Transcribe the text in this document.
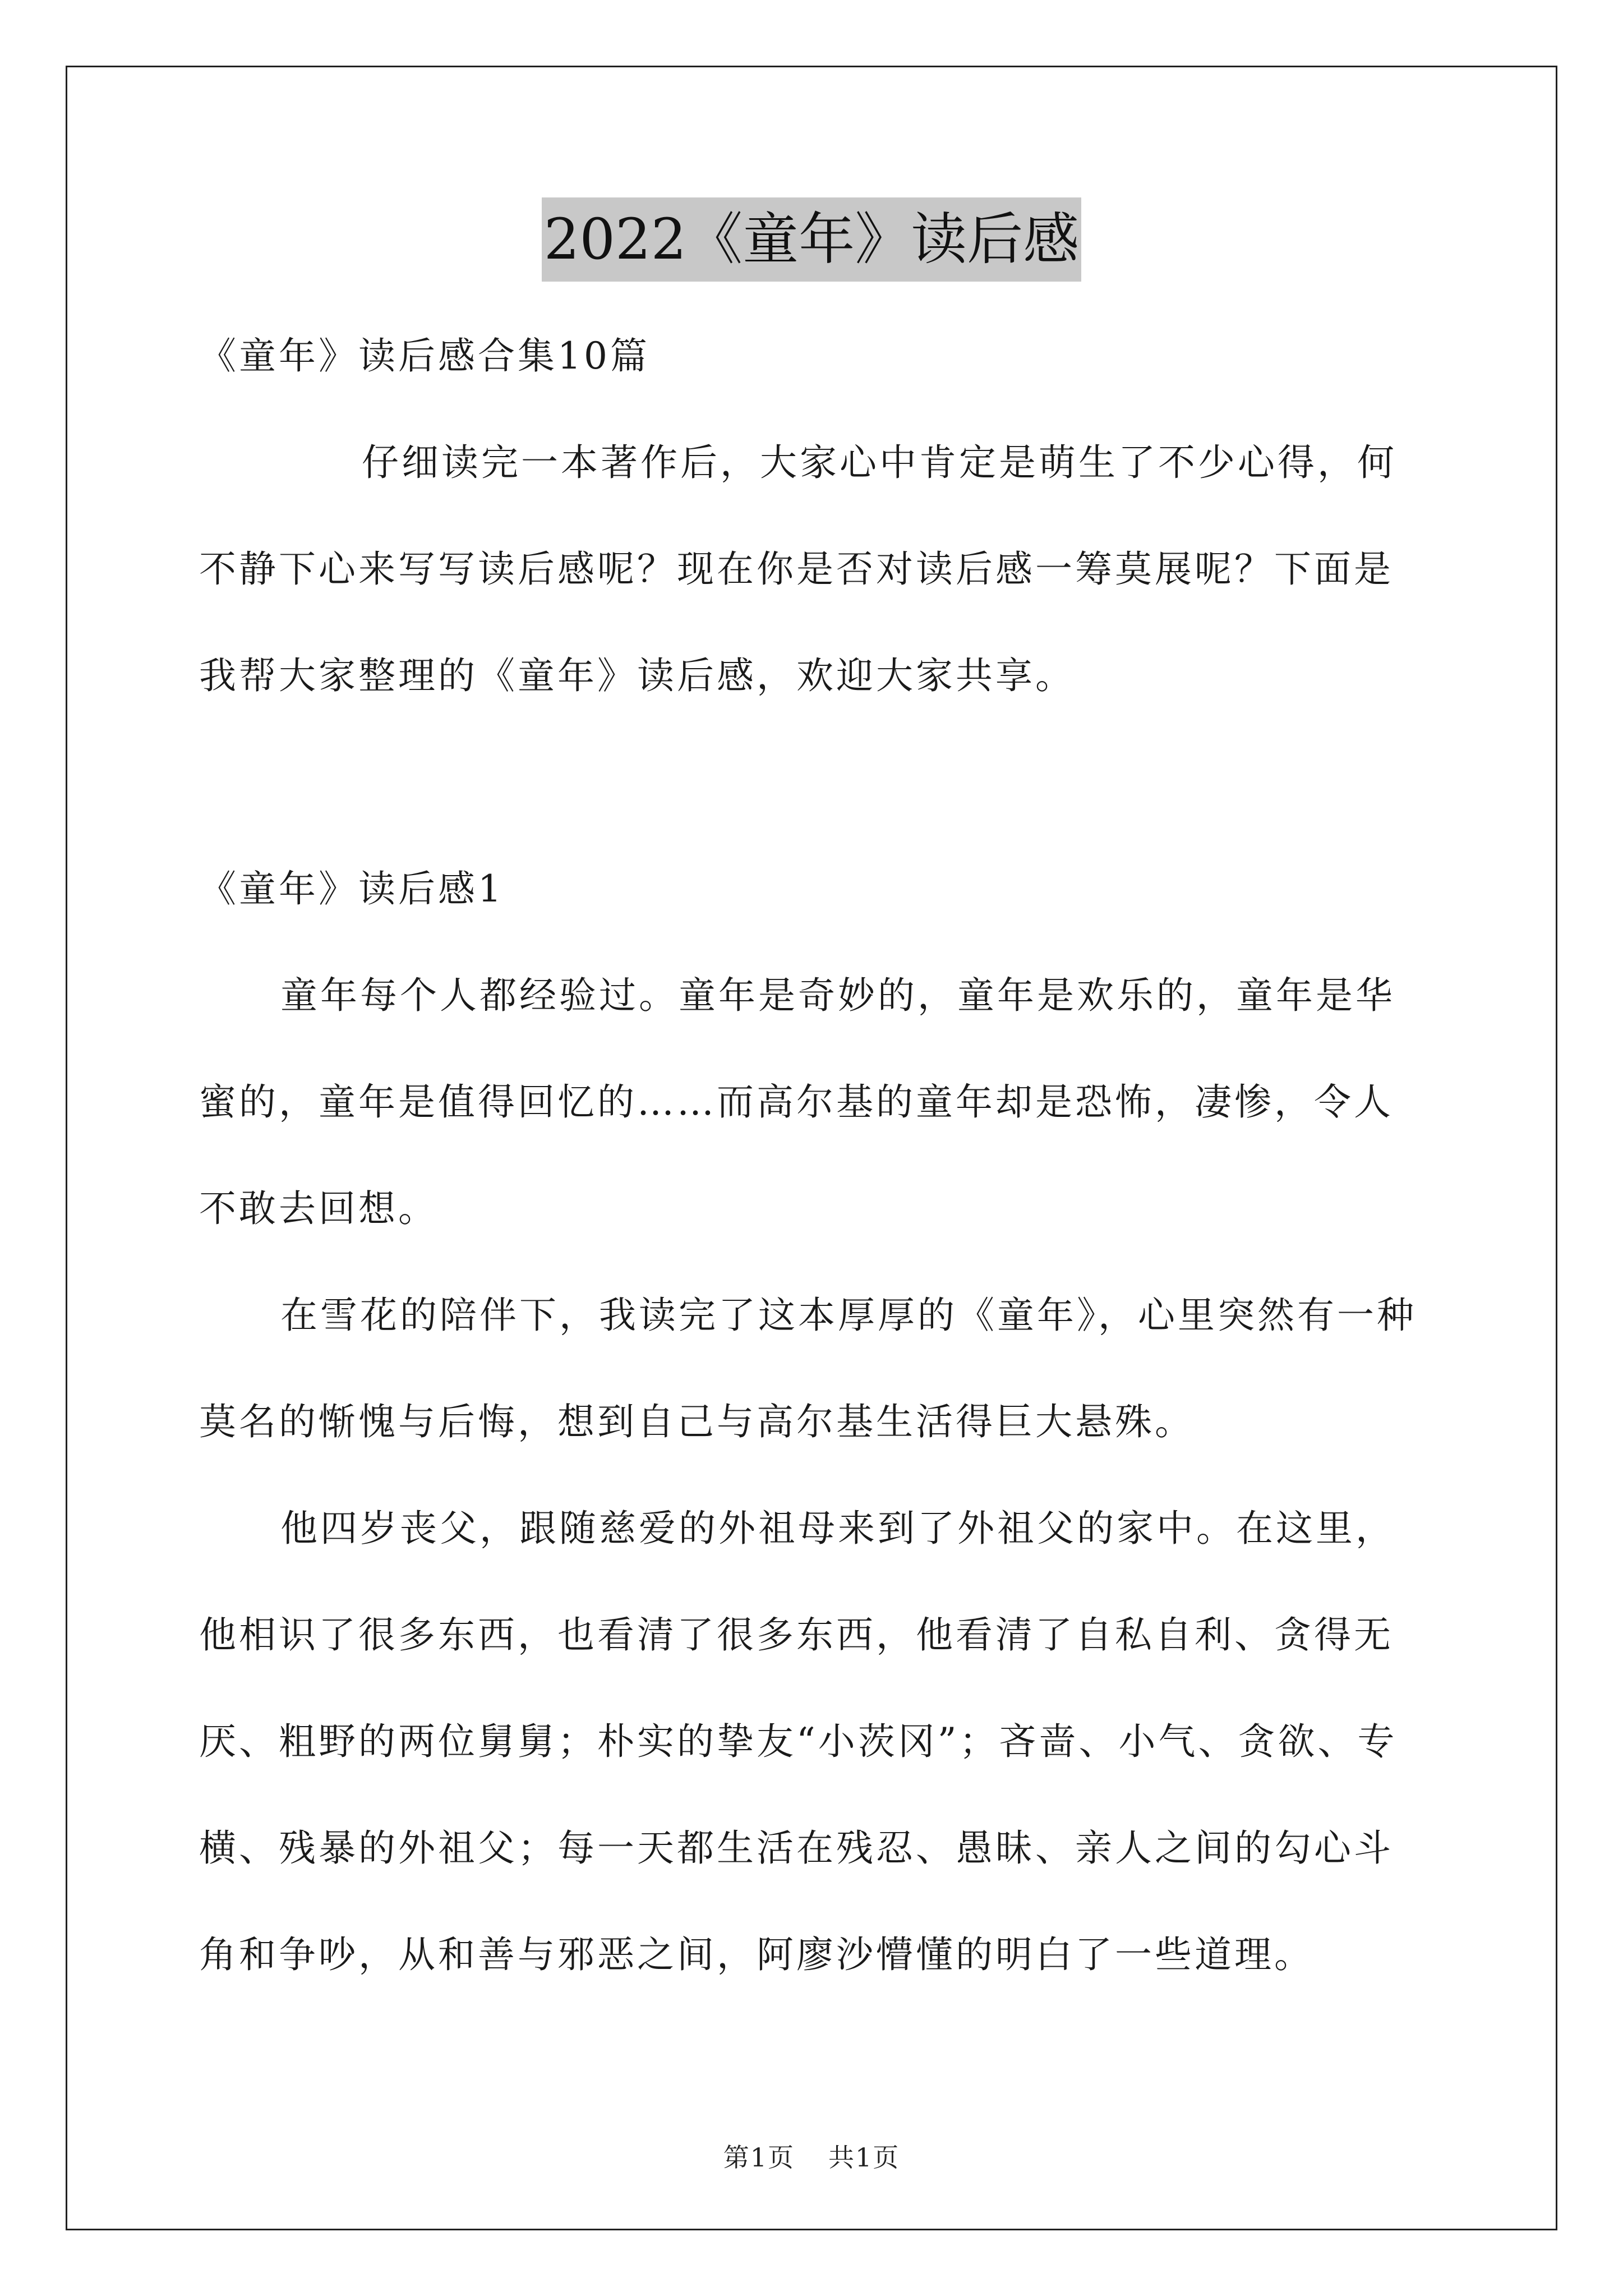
2022《童年》读后感

《童年》读后感合集10篇

仔细读完一本著作后，大家心中肯定是萌生了不少心得，何不静下心来写写读后感呢？现在你是否对读后感一筹莫展呢？下面是我帮大家整理的《童年》读后感，欢迎大家共享。

《童年》读后感1

童年每个人都经验过。童年是奇妙的，童年是欢乐的，童年是华蜜的，童年是值得回忆的……而高尔基的童年却是恐怖，凄惨，令人不敢去回想。

在雪花的陪伴下，我读完了这本厚厚的《童年》，心里突然有一种莫名的惭愧与后悔，想到自己与高尔基生活得巨大悬殊。

他四岁丧父，跟随慈爱的外祖母来到了外祖父的家中。在这里，他相识了很多东西，也看清了很多东西，他看清了自私自利、贪得无厌、粗野的两位舅舅；朴实的挚友“小茨冈”；吝啬、小气、贪欲、专横、残暴的外祖父；每一天都生活在残忍、愚昧、亲人之间的勾心斗角和争吵，从和善与邪恶之间，阿廖沙懵懂的明白了一些道理。

第1页 共1页
